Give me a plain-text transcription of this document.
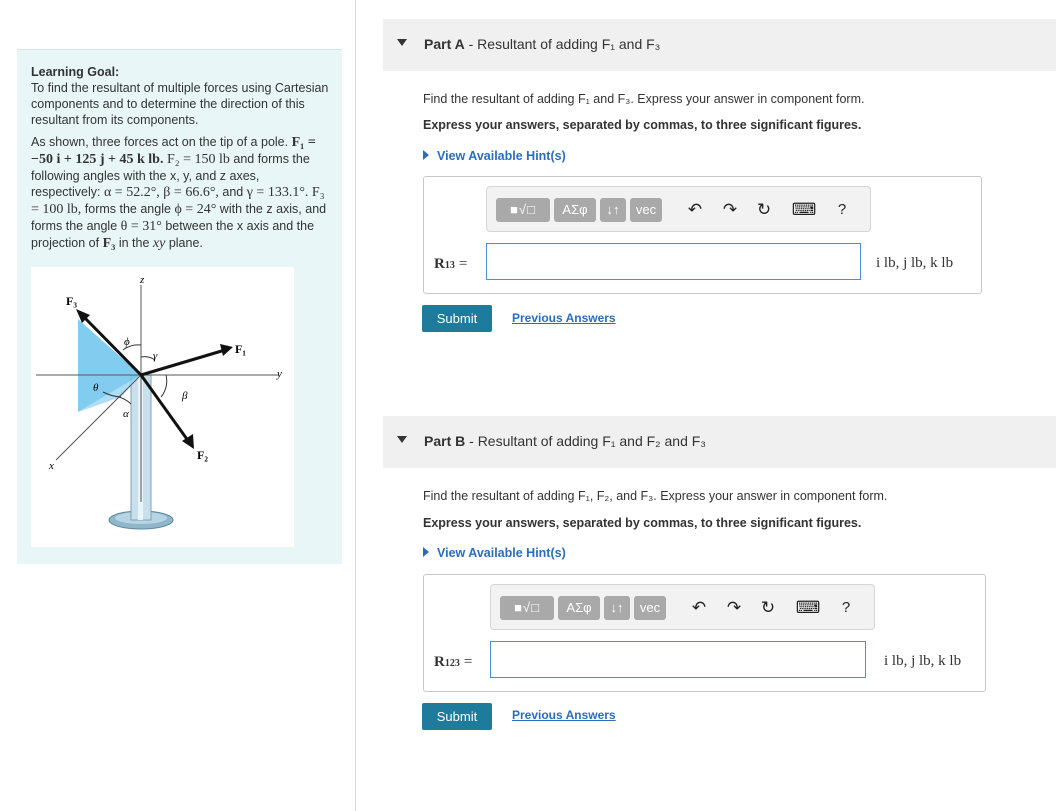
Learning Goal:
To find the resultant of multiple forces using Cartesian components and to determine the direction of this resultant from its components.

As shown, three forces act on the tip of a pole. F₁ = −50 i + 125 j + 45 k lb. F₂ = 150 lb and forms the following angles with the x, y, and z axes, respectively: α = 52.2°, β = 66.6°, and γ = 133.1°. F₃ = 100 lb, forms the angle ϕ = 24° with the z axis, and forms the angle θ = 31° between the x axis and the projection of F₃ in the xy plane.

F₃
F₁
F₂
z
y
x
ϕ
γ
β
α
θ
Part A - Resultant of adding F₁ and F₃
Find the resultant of adding F₁ and F₃. Express your answer in component form.
Express your answers, separated by commas, to three significant figures.
View Available Hint(s)
■√□	ΑΣφ	↓↑	vec	↶	↷	↻	⌨	?
R13 =	i lb, j lb, k lb
Submit	Previous Answers
Part B - Resultant of adding F₁ and F₂ and F₃
Find the resultant of adding F₁, F₂, and F₃. Express your answer in component form.
Express your answers, separated by commas, to three significant figures.
View Available Hint(s)
■√□	ΑΣφ	↓↑	vec	↶	↷	↻	⌨	?
R123 =	i lb, j lb, k lb
Submit	Previous Answers
